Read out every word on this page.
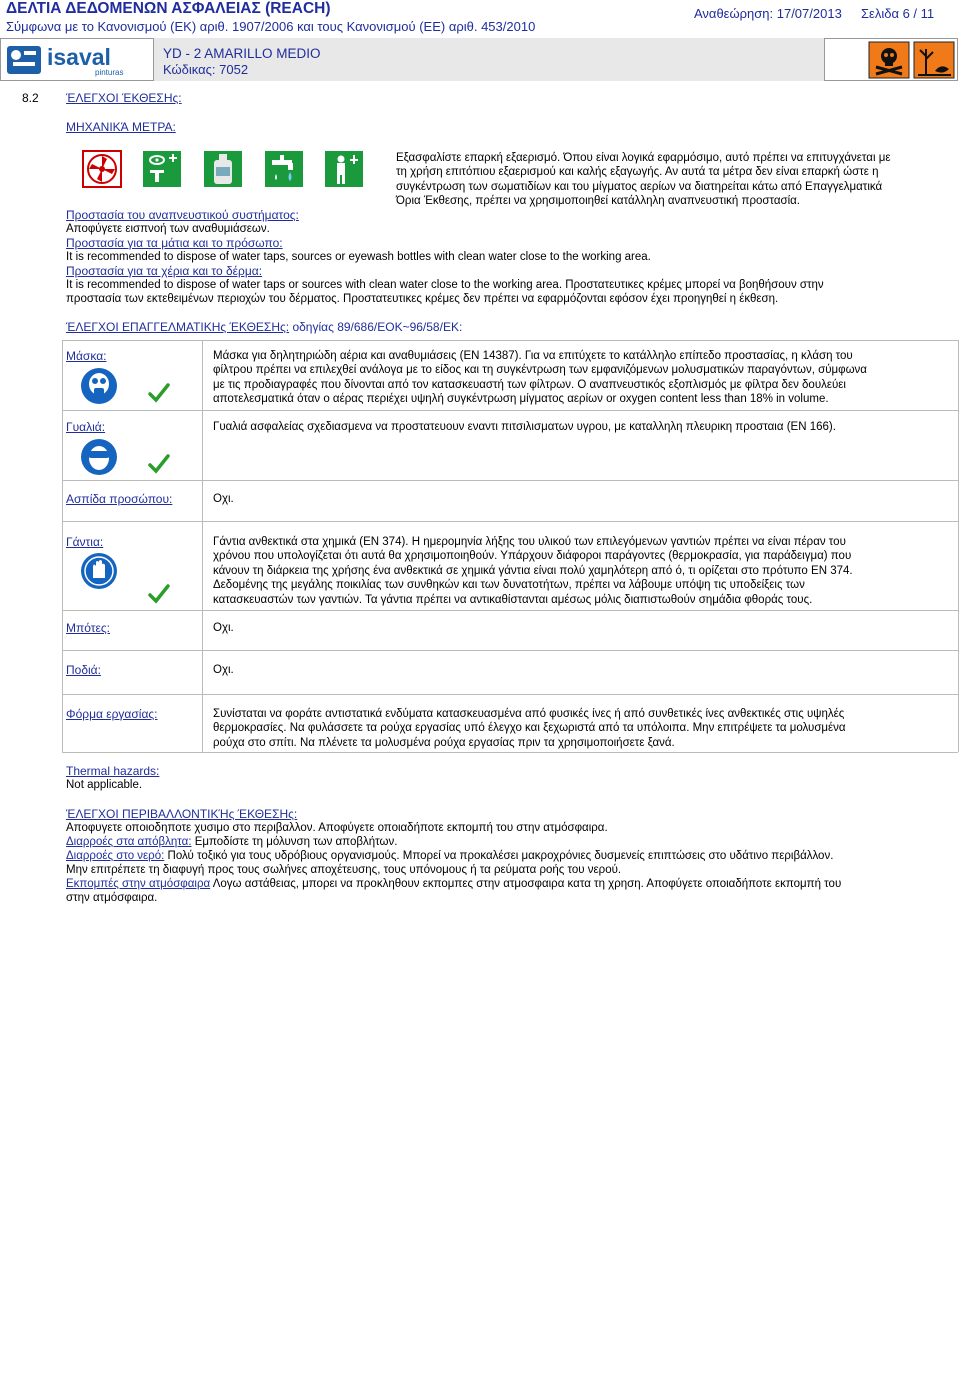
ΔΕΛΤΙΑ ΔΕΔΟΜΕΝΩΝ ΑΣΦΑΛΕΙΑΣ (REACH)
Σύμφωνα με το Κανονισμού (ΕΚ) αριθ. 1907/2006 και τους Κανονισμού (ΕΕ) αριθ. 453/2010
Αναθεώρηση: 17/07/2013 Σελιδα 6 / 11
isaval
pinturas
YD - 2 AMARILLO MEDIO
Κώδικας: 7052
8.2 ΈΛΕΓΧΟΙ ΈΚΘΕΣΗς:
ΜΗΧΑΝΙΚΆ ΜΕΤΡΑ:
Εξασφαλίστε επαρκή εξαερισμό. Όπου είναι λογικά εφαρμόσιμο, αυτό πρέπει να επιτυγχάνεται με
τη χρήση επιτόπιου εξαερισμού και καλής εξαγωγής. Αν αυτά τα μέτρα δεν είναι επαρκή ώστε η
συγκέντρωση των σωματιδίων και του μίγματος αερίων να διατηρείται κάτω από Επαγγελματικά
Όρια Έκθεσης, πρέπει να χρησιμοποιηθεί κατάλληλη αναπνευστική προστασία.
Προστασία του αναπνευστικού συστήματος:
Αποφύγετε εισπνοή των αναθυμιάσεων.
Προστασία για τα μάτια και το πρόσωπο:
It is recommended to dispose of water taps, sources or eyewash bottles with clean water close to the working area.
Προστασία για τα χέρια και το δέρμα:
It is recommended to dispose of water taps or sources with clean water close to the working area. Προστατευτικες κρέμες μπορεί να βοηθήσουν στην
προστασία των εκτεθειμένων περιοχών του δέρματος. Προστατευτικες κρέμες δεν πρέπει να εφαρμόζονται εφόσον έχει προηγηθεί η έκθεση.
ΈΛΕΓΧΟΙ ΕΠΑΓΓΕΛΜΑΤΙΚΗς ΈΚΘΕΣΗς: οδηγίας 89/686/ΕΟΚ~96/58/ΕΚ:
Μάσκα:	Μάσκα για δηλητηριώδη αέρια και αναθυμιάσεις (EN 14387). Για να επιτύχετε το κατάλληλο επίπεδο προστασίας, η κλάση του
φίλτρου πρέπει να επιλεχθεί ανάλογα με το είδος και τη συγκέντρωση των εμφανιζόμενων μολυσματικών παραγόντων, σύμφωνα
με τις προδιαγραφές που δίνονται από τον κατασκευαστή των φίλτρων. Ο αναπνευστικός εξοπλισμός με φίλτρα δεν δουλεύει
αποτελεσματικά όταν ο αέρας περιέχει υψηλή συγκέντρωση μίγματος αερίων or oxygen content less than 18% in volume.
Γυαλιά:	Γυαλιά ασφαλείας σχεδιασμενα να προστατευουν εναντι πιτσιλισματων υγρου, με καταλληλη πλευρικη προσταια (EN 166).
Ασπίδα προσώπου:	Οχι.
Γάντια:	Γάντια ανθεκτικά στα χημικά (EN 374). Η ημερομηνία λήξης του υλικού των επιλεγόμενων γαντιών πρέπει να είναι πέραν του
χρόνου που υπολογίζεται ότι αυτά θα χρησιμοποιηθούν. Υπάρχουν διάφοροι παράγοντες (θερμοκρασία, για παράδειγμα) που
κάνουν τη διάρκεια της χρήσης ένα ανθεκτικά σε χημικά γάντια είναι πολύ χαμηλότερη από ό, τι ορίζεται στο πρότυπο EN 374.
Δεδομένης της μεγάλης ποικιλίας των συνθηκών και των δυνατοτήτων, πρέπει να λάβουμε υπόψη τις υποδείξεις των
κατασκευαστών των γαντιών. Τα γάντια πρέπει να αντικαθίστανται αμέσως μόλις διαπιστωθούν σημάδια φθοράς τους.
Μπότες:	Οχι.
Ποδιά:	Οχι.
Φόρμα εργασίας:	Συνίσταται να φοράτε αντιστατικά ενδύματα κατασκευασμένα από φυσικές ίνες ή από συνθετικές ίνες ανθεκτικές στις υψηλές
θερμοκρασίες. Να φυλάσσετε τα ρούχα εργασίας υπό έλεγχο και ξεχωριστά από τα υπόλοιπα. Μην επιτρέψετε τα μολυσμένα
ρούχα στο σπίτι. Να πλένετε τα μολυσμένα ρούχα εργασίας πριν τα χρησιμοποιήσετε ξανά.
Thermal hazards:
Not applicable.
ΈΛΕΓΧΟΙ ΠΕΡΙΒΑΛΛΟΝΤΙΚΉς ΈΚΘΕΣΗς:
Αποφυγετε οποιοδηποτε χυσιμο στο περιβαλλον. Αποφύγετε οποιαδήποτε εκπομπή του στην ατμόσφαιρα.
Διαρροές στα απόβλητα: Εμποδίστε τη μόλυνση των αποβλήτων.
Διαρροές στο νερό: Πολύ τοξικό για τους υδρόβιους οργανισμούς. Μπορεί να προκαλέσει μακροχρόνιες δυσμενείς επιπτώσεις στο υδάτινο περιβάλλον.
Μην επιτρέπετε τη διαφυγή προς τους σωλήνες αποχέτευσης, τους υπόνομους ή τα ρεύματα ροής του νερού.
Εκπομπές στην ατμόσφαιρα Λογω αστάθειας, μπορει να προκληθουν εκπομπες στην ατμοσφαιρα κατα τη χρηση. Αποφύγετε οποιαδήποτε εκπομπή του
στην ατμόσφαιρα.
